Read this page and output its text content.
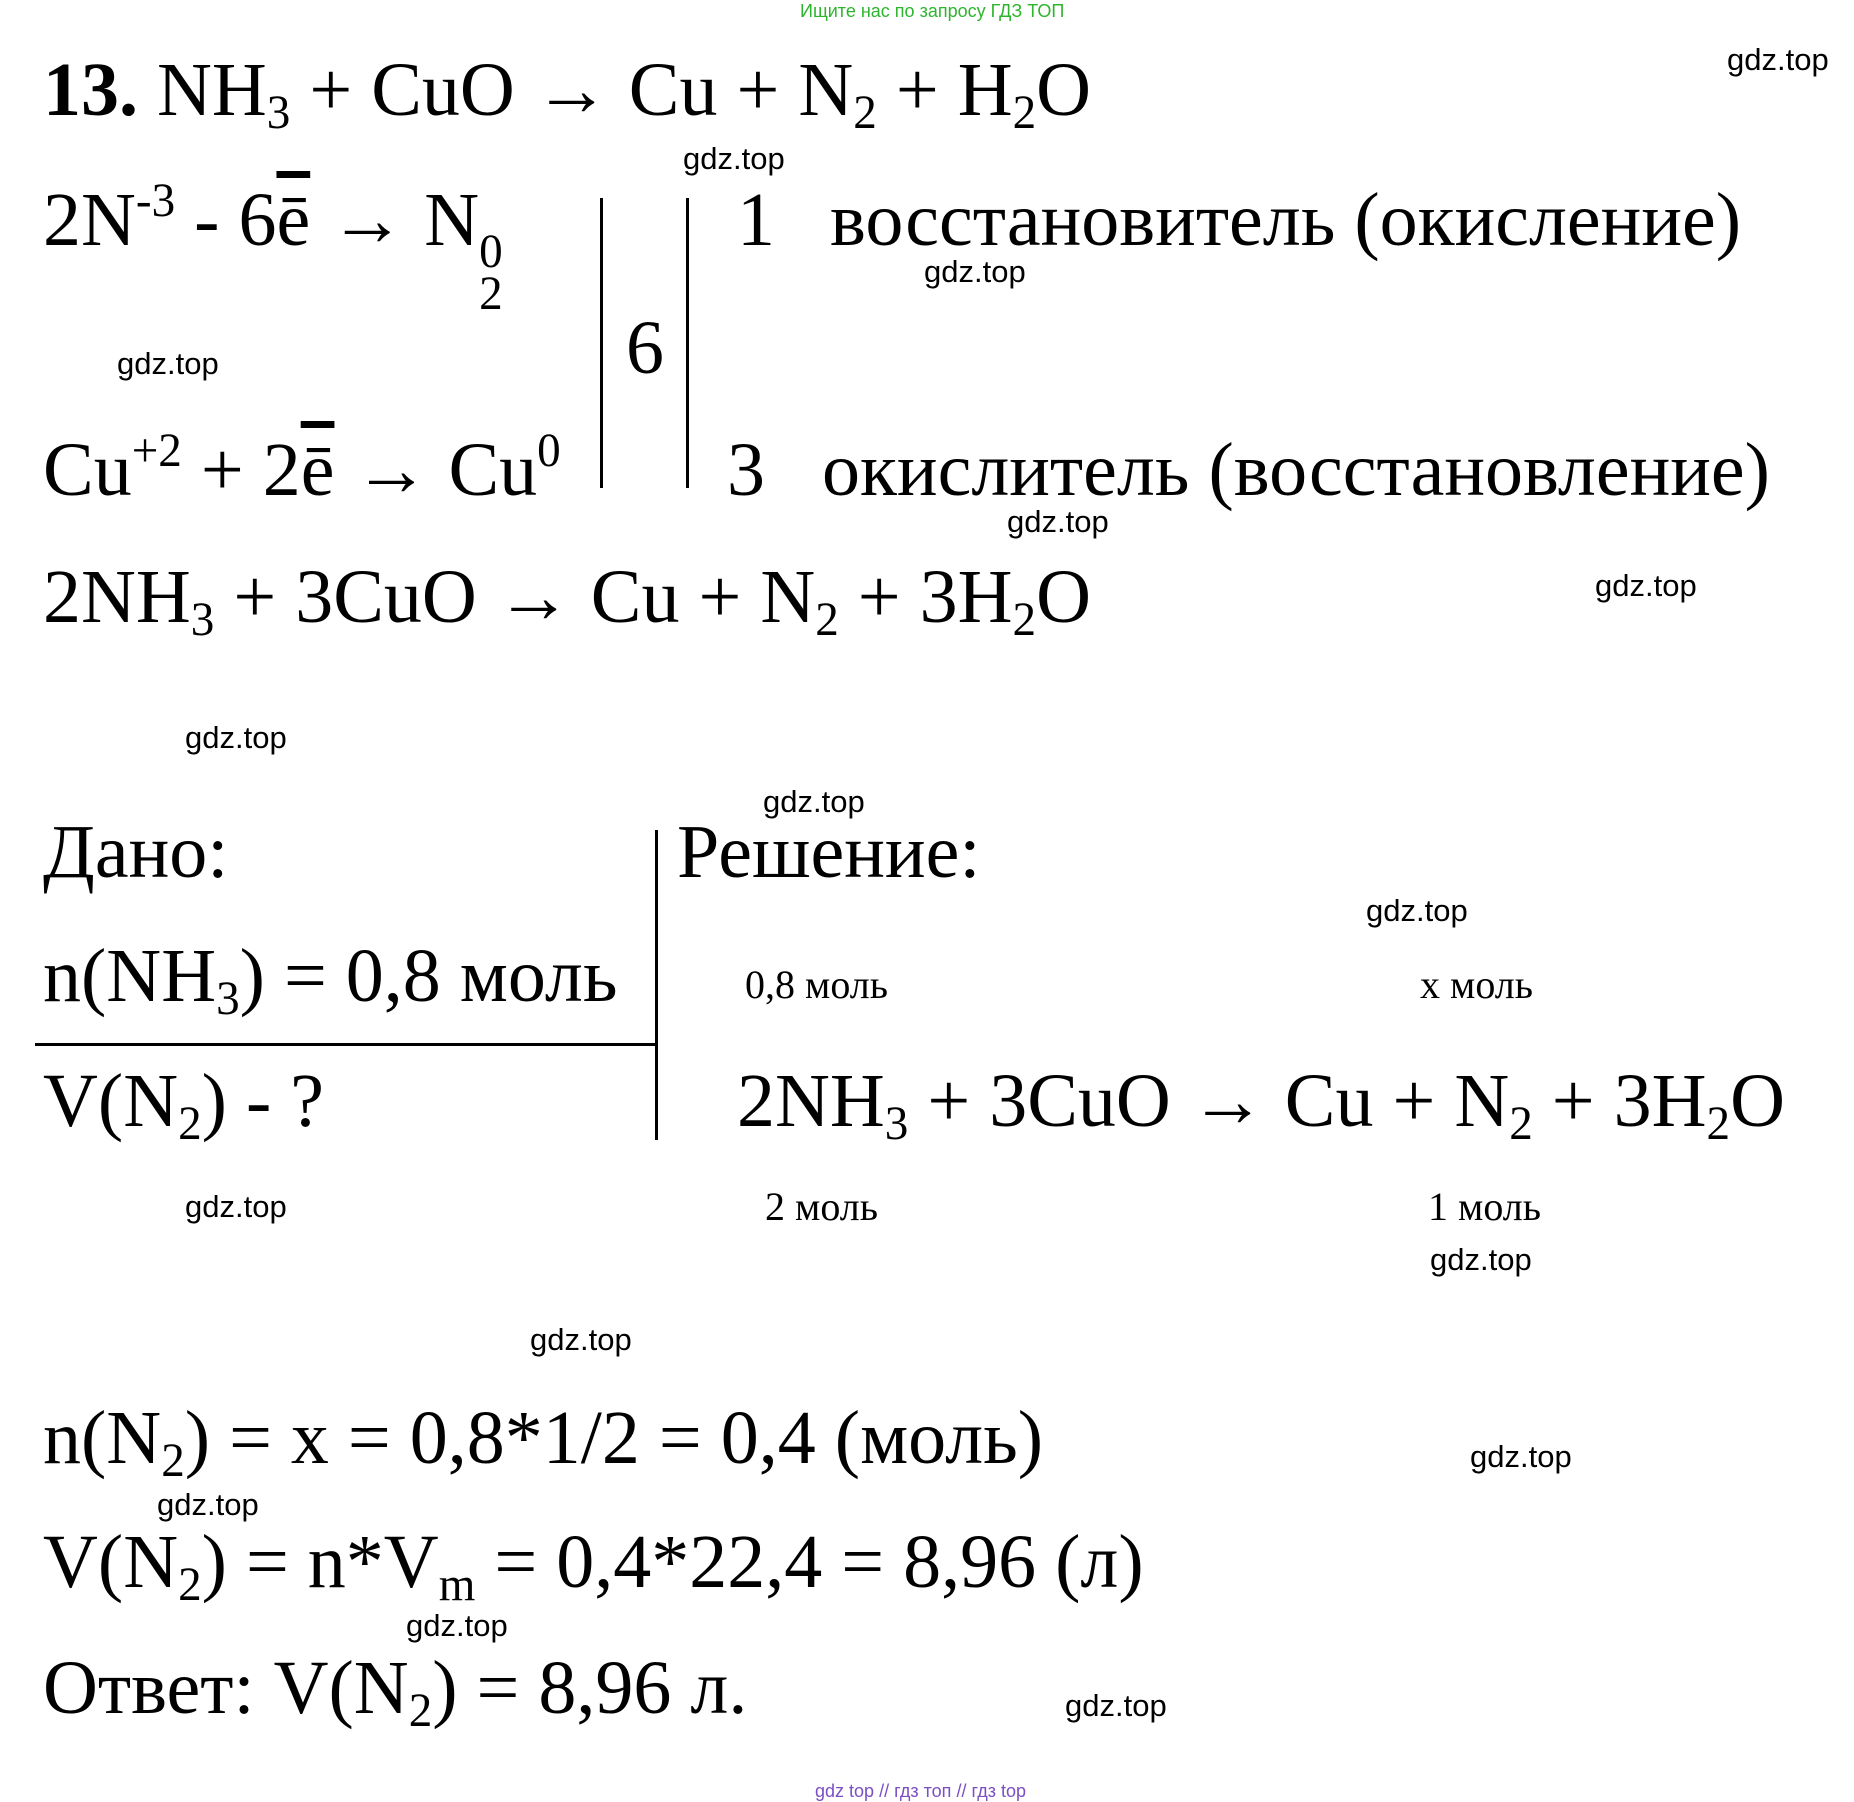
Ищите нас по запросу ГДЗ ТОП
gdz.top
gdz.top
gdz.top
gdz.top
gdz.top
gdz.top
gdz.top
gdz.top
gdz.top
gdz.top
gdz.top
gdz.top
gdz.top
gdz.top
gdz.top
gdz.top
13. $NH_3$ + CuO → $Cu + N_2 + H_2O$
$2N^{-3} - 6\overline{ē} \to N$ 0
2
$Cu^{+2} + 2\overline{ē} \to Cu^0$
6
1
3
восстановитель (окисление)
окислитель (восстановление)
$2NH_3 + 3CuO \to Cu + N_2 + 3H_2O$
Дано:
$n(NH_3) = 0,8$ моль
$V(N_2)$ - ?
Решение:
0,8 моль	x моль
$2NH_3 + 3CuO \to Cu + N_2 + 3H_2O$
2 моль	1 моль
$n(N_2) = x = 0,8*1/2 = 0,4$ (моль)
$V(N_2) = n*V_m = 0,4*22,4 = 8,96$ (л)
Ответ: $V(N_2) = 8,96$ л.
gdz top // гдз топ // гдз top
